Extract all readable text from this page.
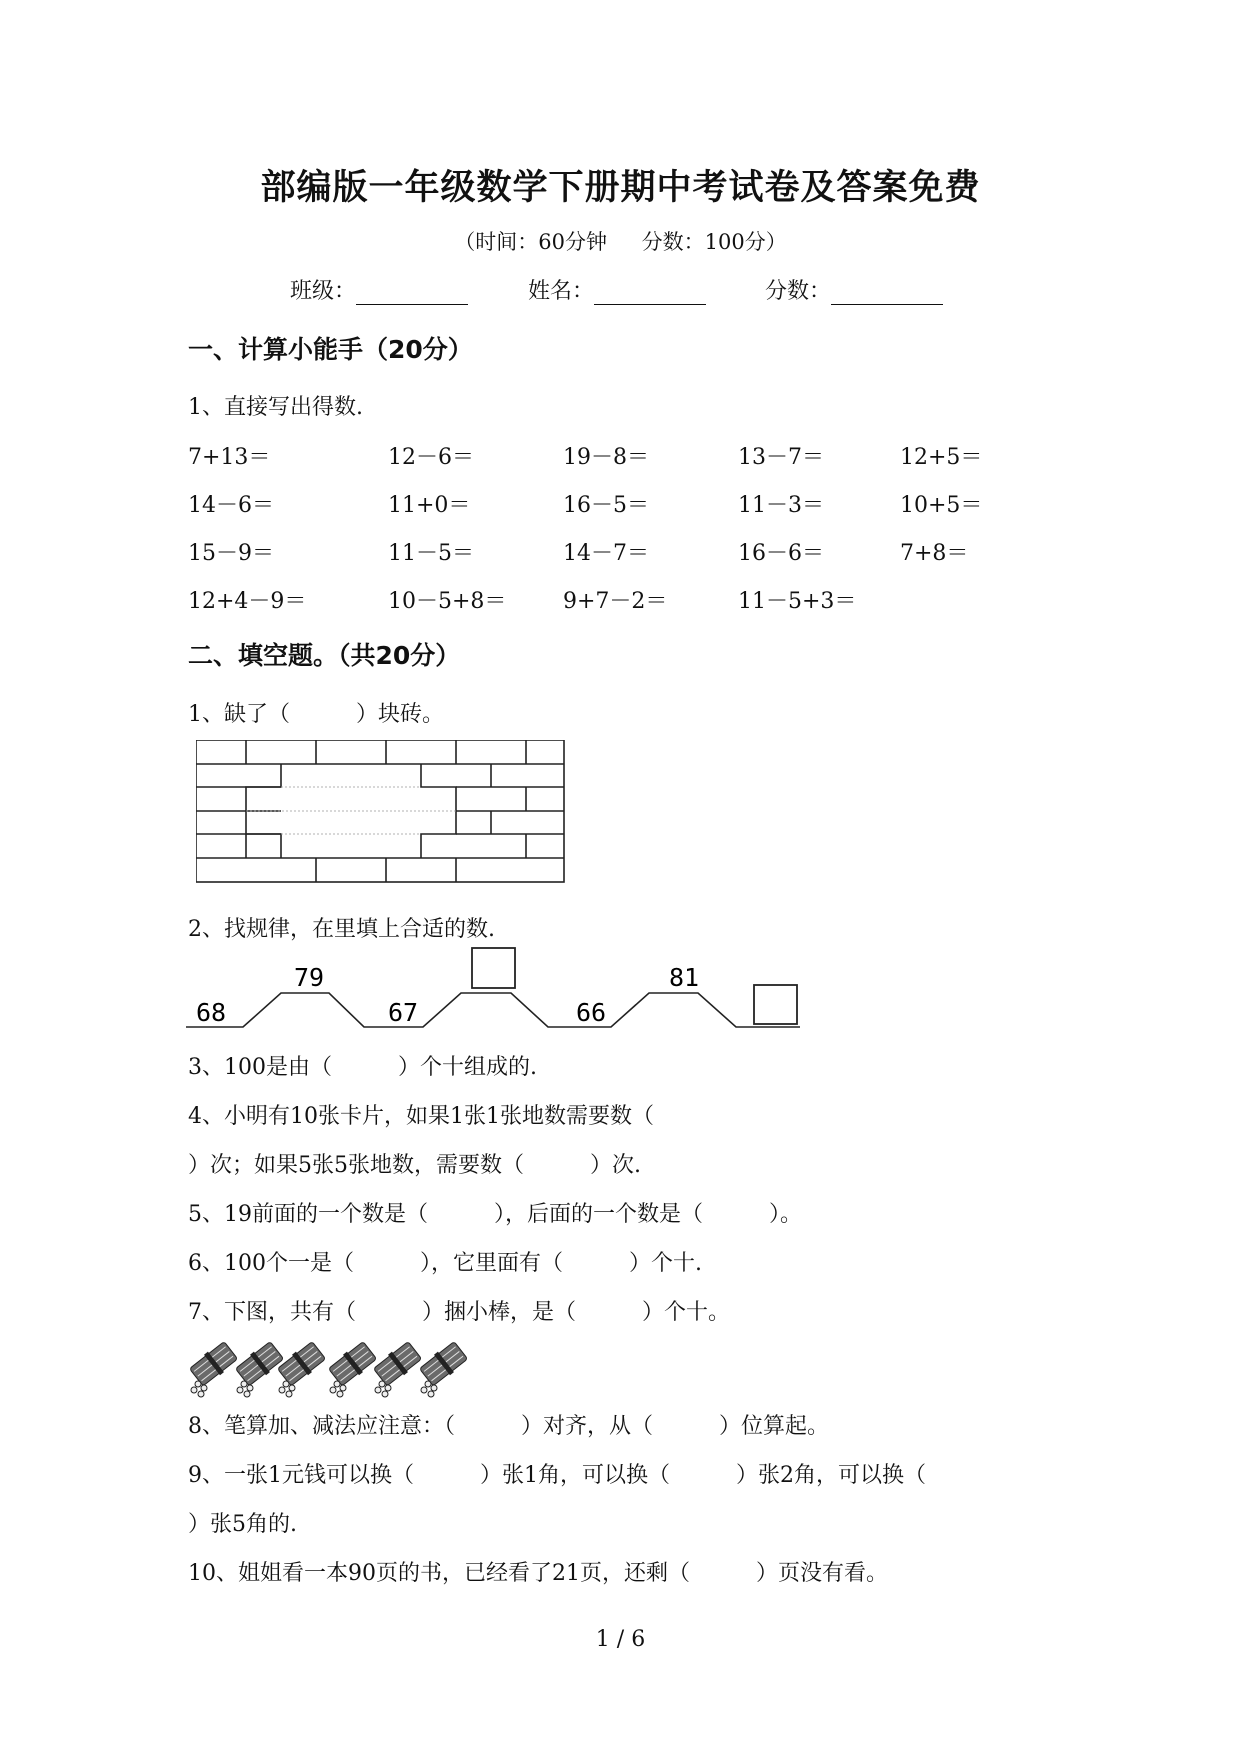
部编版一年级数学下册期中考试卷及答案免费
（时间：60分钟 分数：100分）
班级：	姓名：	分数：
一、计算小能手（20分）
1、直接写出得数.
7+13＝	12－6＝	19－8＝	13－7＝	12+5＝
14－6＝	11+0＝	16－5＝	11－3＝	10+5＝
15－9＝	11－5＝	14－7＝	16－6＝	7+8＝
12+4－9＝	10－5+8＝	9+7－2＝	11－5+3＝
二、填空题。（共20分）
1、缺了（　　　）块砖。
2、找规律，在里填上合适的数.
68
79
67	66
81
3、100是由（　　　）个十组成的.
4、小明有10张卡片，如果1张1张地数需要数（
）次；如果5张5张地数，需要数（　　　）次.
5、19前面的一个数是（　　　），后面的一个数是（　　　）。
6、100个一是（　　　），它里面有（　　　）个十.
7、下图，共有（　　　）捆小棒，是（　　　）个十。
8、笔算加、减法应注意：（　　　）对齐，从（　　　）位算起。
9、一张1元钱可以换（　　　）张1角，可以换（　　　）张2角，可以换（
）张5角的.
10、姐姐看一本90页的书，已经看了21页，还剩（　　　）页没有看。
1 / 6
